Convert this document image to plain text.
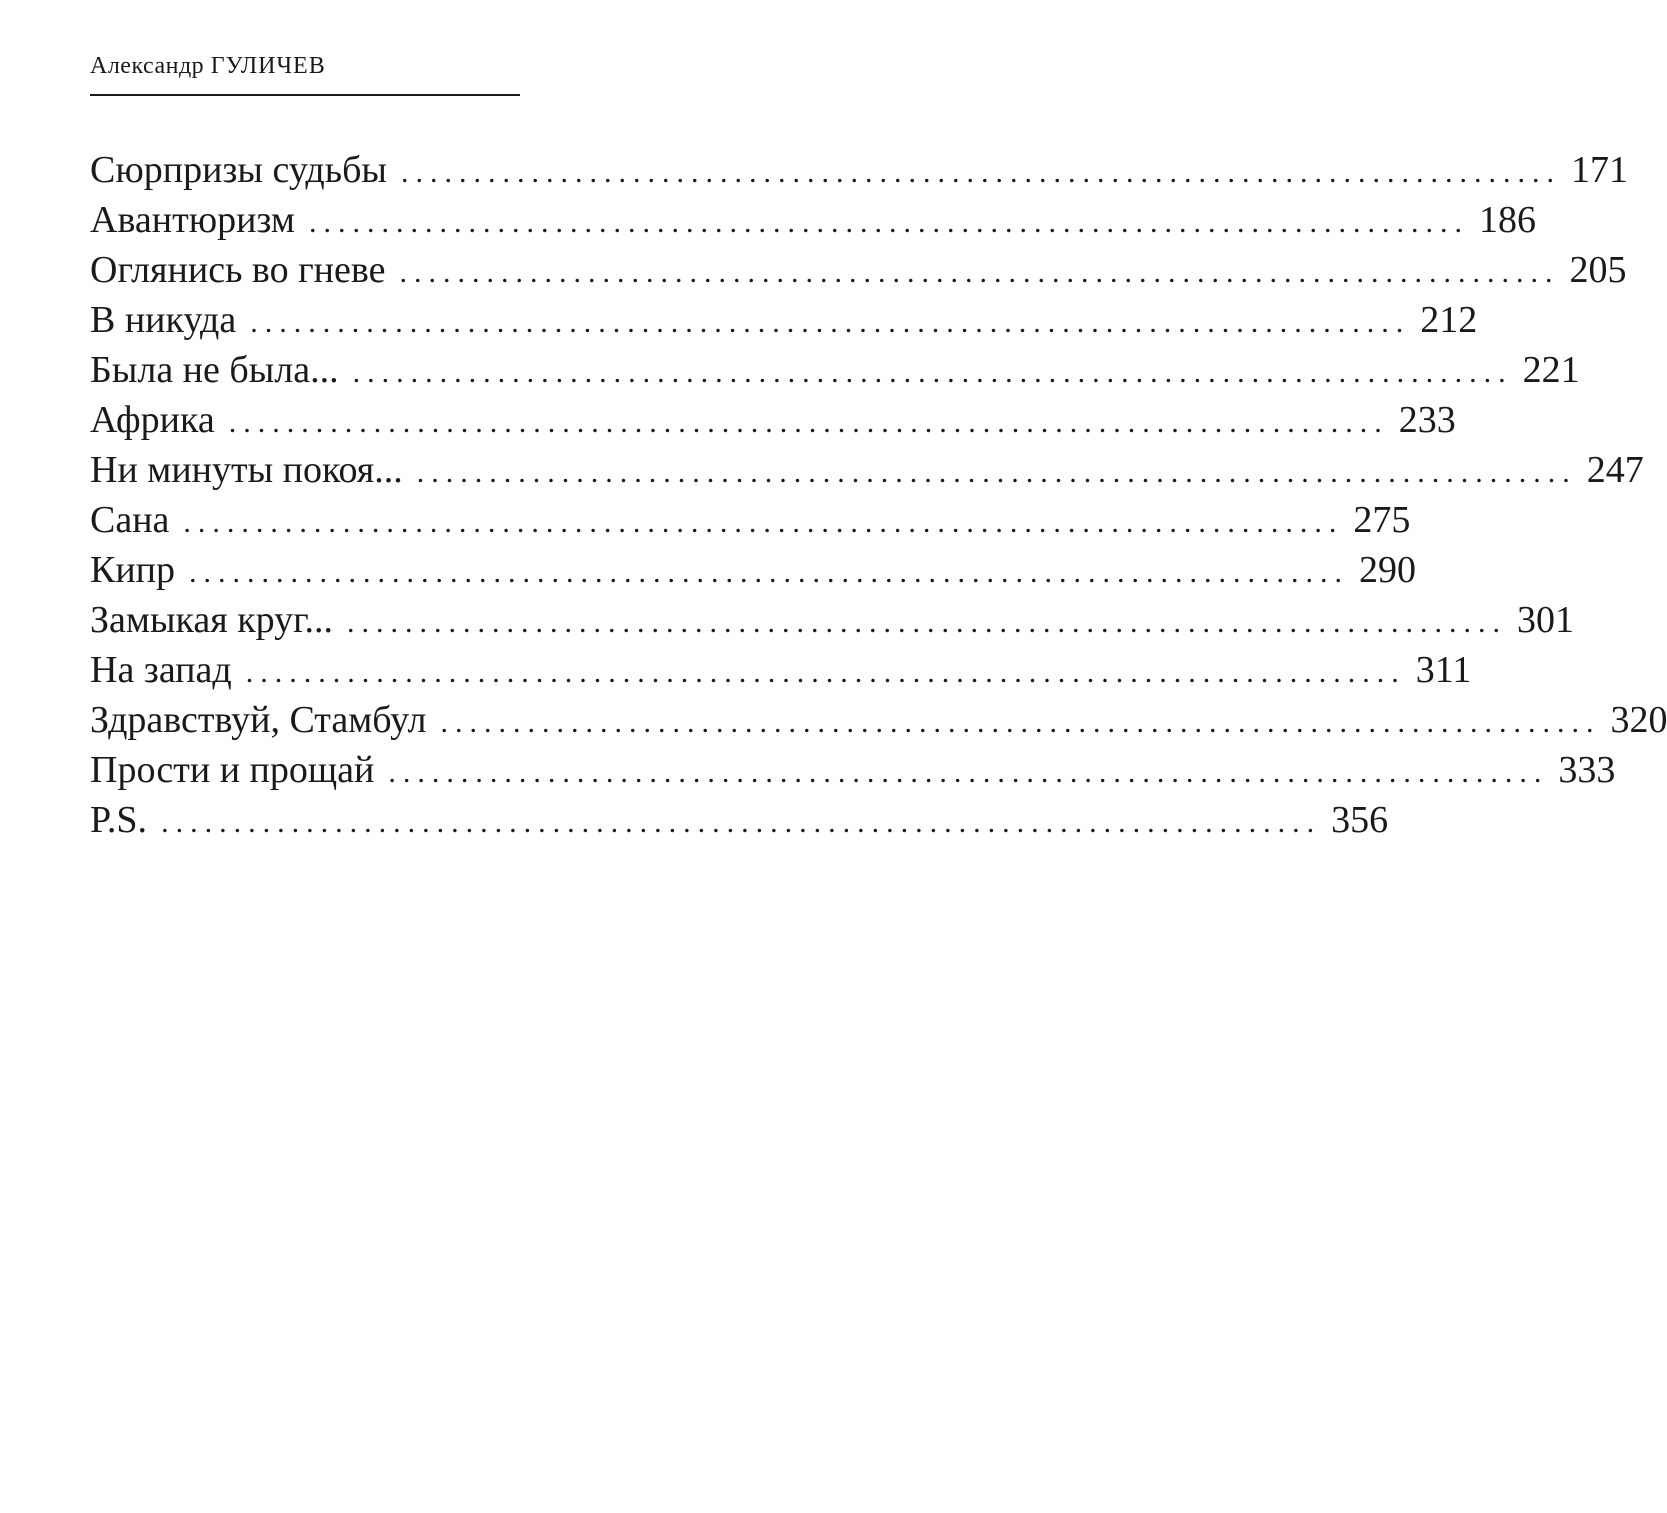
Александр ГУЛИЧЕВ
Сюрпризы судьбы ................................................................................ 171
Авантюризм ................................................................................ 186
Оглянись во гневе ................................................................................ 205
В никуда ................................................................................ 212
Была не была... ................................................................................ 221
Африка ................................................................................ 233
Ни минуты покоя... ................................................................................ 247
Сана ................................................................................ 275
Кипр ................................................................................ 290
Замыкая круг... ................................................................................ 301
На запад ................................................................................ 311
Здравствуй, Стамбул ................................................................................ 320
Прости и прощай ................................................................................ 333
P.S. ................................................................................ 356
